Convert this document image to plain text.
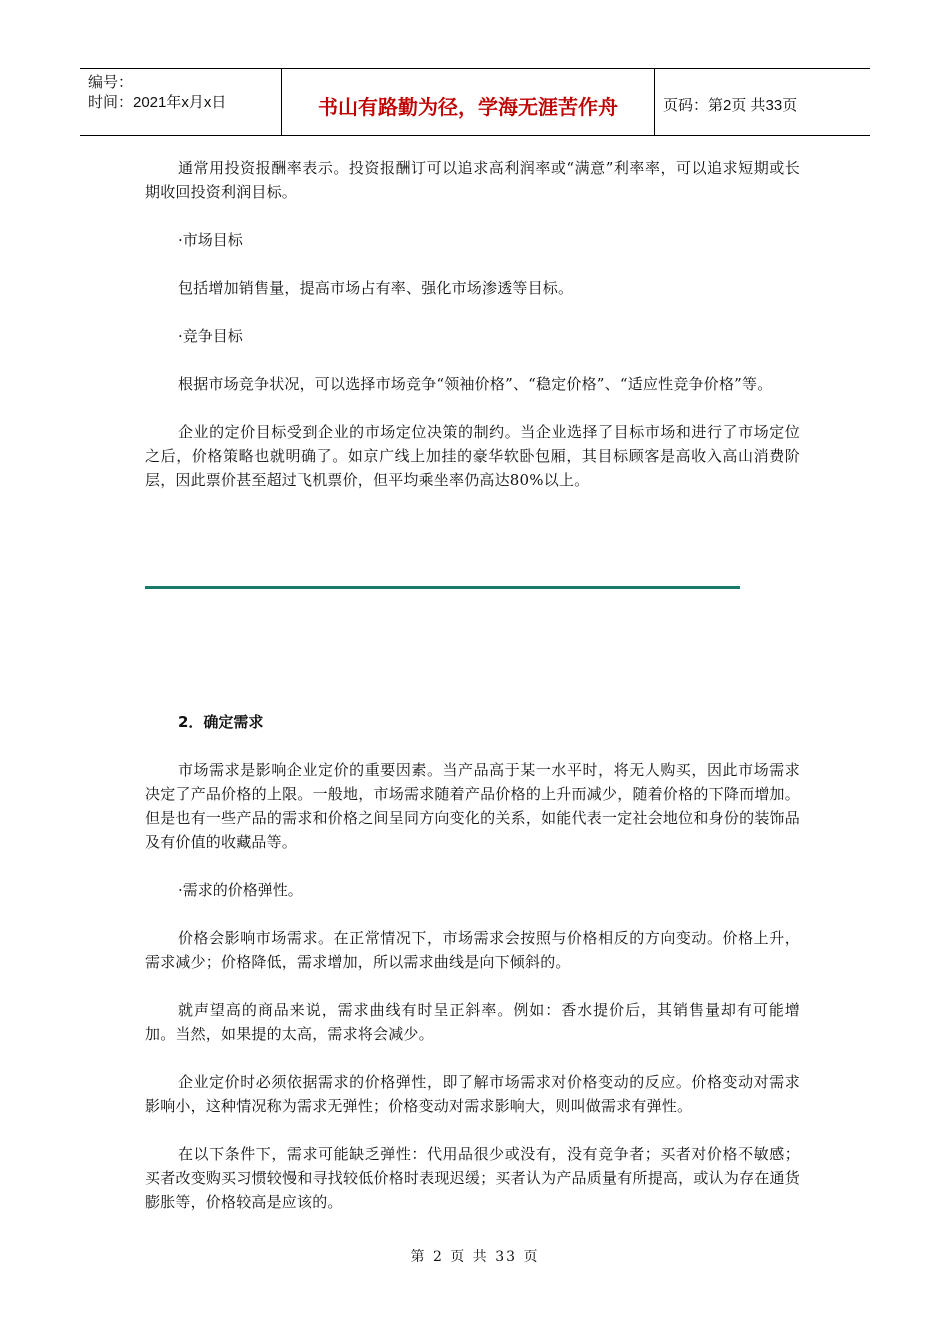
编号：
时间：2021年x月x日	书山有路勤为径，学海无涯苦作舟	页码：第2页 共33页

通常用投资报酬率表示。投资报酬订可以追求高利润率或“满意”利率率，可以追求短期或长期收回投资利润目标。

·市场目标

包括增加销售量，提高市场占有率、强化市场渗透等目标。

·竞争目标

根据市场竞争状况，可以选择市场竞争“领袖价格”、“稳定价格”、“适应性竞争价格”等。

企业的定价目标受到企业的市场定位决策的制约。当企业选择了目标市场和进行了市场定位之后，价格策略也就明确了。如京广线上加挂的豪华软卧包厢，其目标顾客是高收入高山消费阶层，因此票价甚至超过飞机票价，但平均乘坐率仍高达80%以上。

2．确定需求

市场需求是影响企业定价的重要因素。当产品高于某一水平时，将无人购买，因此市场需求决定了产品价格的上限。一般地，市场需求随着产品价格的上升而减少，随着价格的下降而增加。但是也有一些产品的需求和价格之间呈同方向变化的关系，如能代表一定社会地位和身份的装饰品及有价值的收藏品等。

·需求的价格弹性。

价格会影响市场需求。在正常情况下，市场需求会按照与价格相反的方向变动。价格上升，需求减少；价格降低，需求增加，所以需求曲线是向下倾斜的。

就声望高的商品来说，需求曲线有时呈正斜率。例如：香水提价后，其销售量却有可能增加。当然，如果提的太高，需求将会减少。

企业定价时必须依据需求的价格弹性，即了解市场需求对价格变动的反应。价格变动对需求影响小，这种情况称为需求无弹性；价格变动对需求影响大，则叫做需求有弹性。

在以下条件下，需求可能缺乏弹性：代用品很少或没有，没有竞争者；买者对价格不敏感；买者改变购买习惯较慢和寻找较低价格时表现迟缓；买者认为产品质量有所提高，或认为存在通货膨胀等，价格较高是应该的。

第 2 页 共 33 页
